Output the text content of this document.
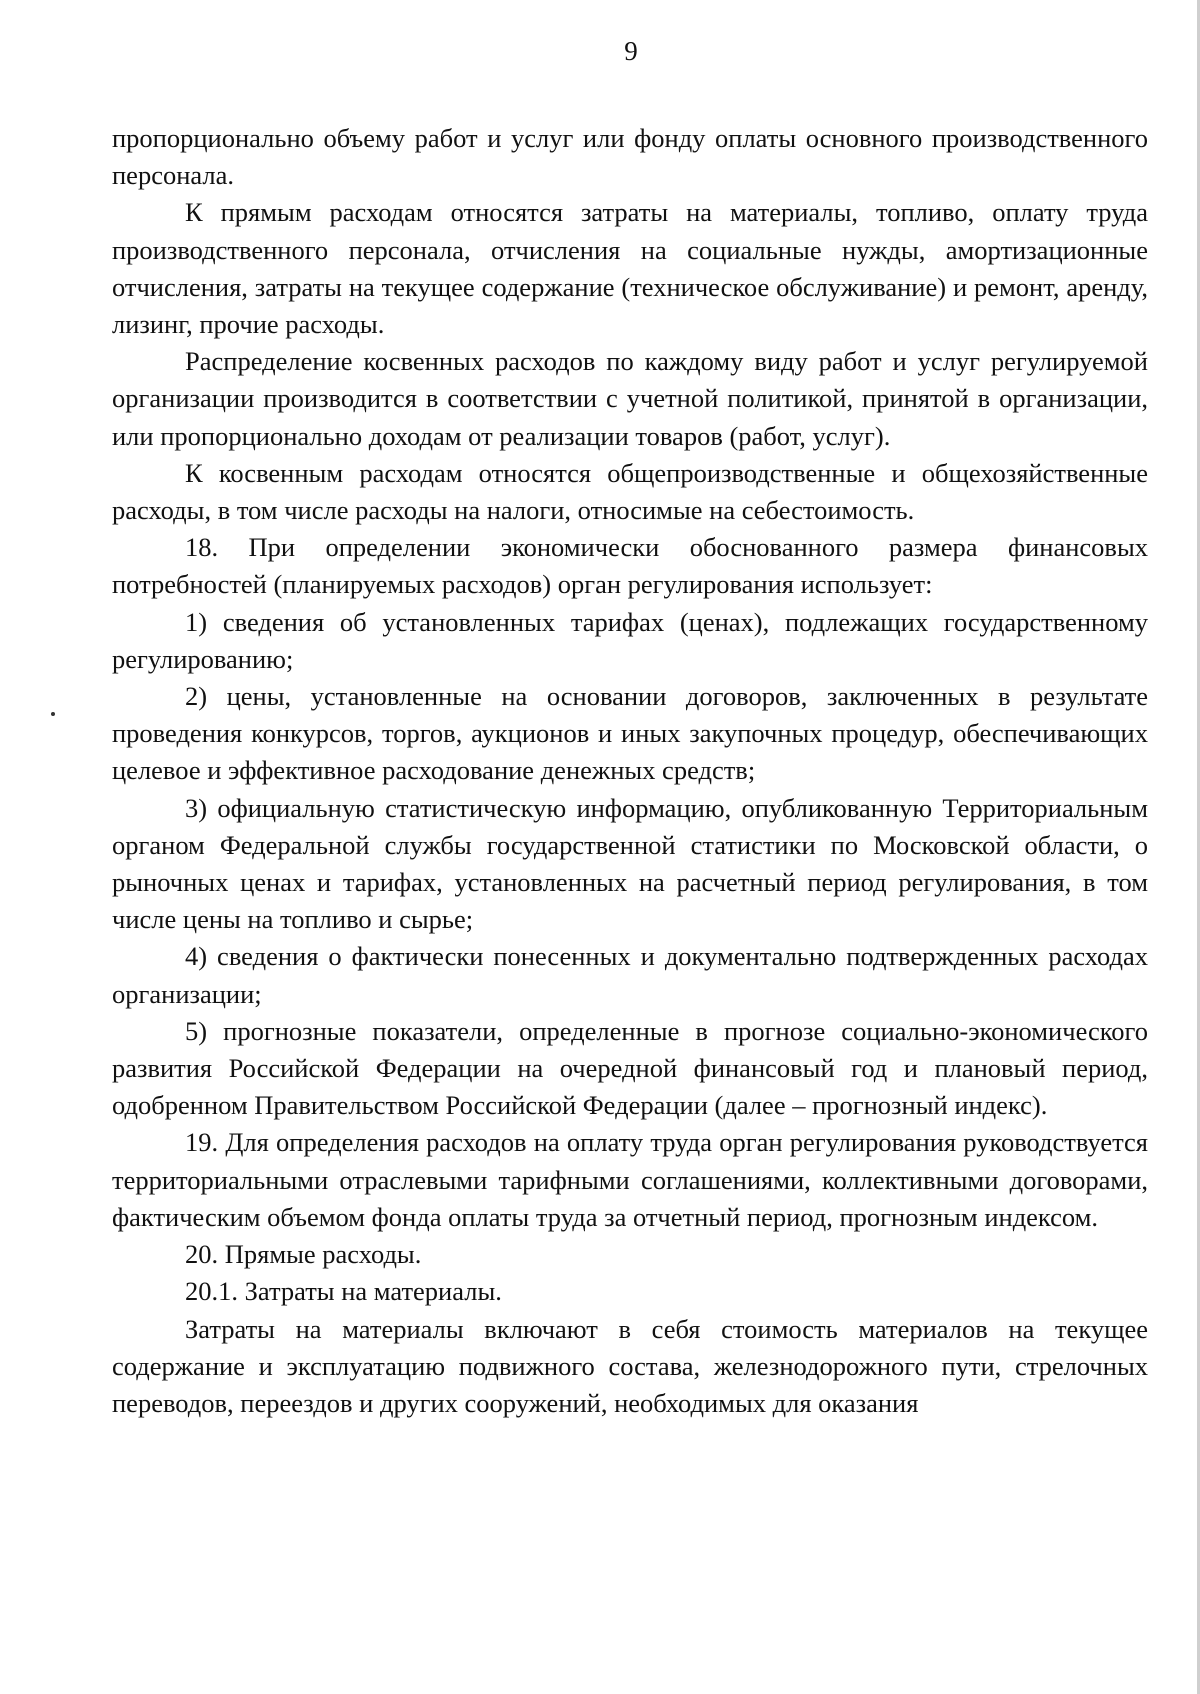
9

пропорционально объему работ и услуг или фонду оплаты основного производственного персонала.

К прямым расходам относятся затраты на материалы, топливо, оплату труда производственного персонала, отчисления на социальные нужды, амортизационные отчисления, затраты на текущее содержание (техническое обслуживание) и ремонт, аренду, лизинг, прочие расходы.

Распределение косвенных расходов по каждому виду работ и услуг регулируемой организации производится в соответствии с учетной политикой, принятой в организации, или пропорционально доходам от реализации товаров (работ, услуг).

К косвенным расходам относятся общепроизводственные и общехозяйственные расходы, в том числе расходы на налоги, относимые на себестоимость.

18. При определении экономически обоснованного размера финансовых потребностей (планируемых расходов) орган регулирования использует:

1) сведения об установленных тарифах (ценах), подлежащих государственному регулированию;

2) цены, установленные на основании договоров, заключенных в результате проведения конкурсов, торгов, аукционов и иных закупочных процедур, обеспечивающих целевое и эффективное расходование денежных средств;

3) официальную статистическую информацию, опубликованную Территориальным органом Федеральной службы государственной статистики по Московской области, о рыночных ценах и тарифах, установленных на расчетный период регулирования, в том числе цены на топливо и сырье;

4) сведения о фактически понесенных и документально подтвержденных расходах организации;

5) прогнозные показатели, определенные в прогнозе социально-экономического развития Российской Федерации на очередной финансовый год и плановый период, одобренном Правительством Российской Федерации (далее – прогнозный индекс).

19. Для определения расходов на оплату труда орган регулирования руководствуется территориальными отраслевыми тарифными соглашениями, коллективными договорами, фактическим объемом фонда оплаты труда за отчетный период, прогнозным индексом.

20. Прямые расходы.

20.1. Затраты на материалы.

Затраты на материалы включают в себя стоимость материалов на текущее содержание и эксплуатацию подвижного состава, железнодорожного пути, стрелочных переводов, переездов и других сооружений, необходимых для оказания
